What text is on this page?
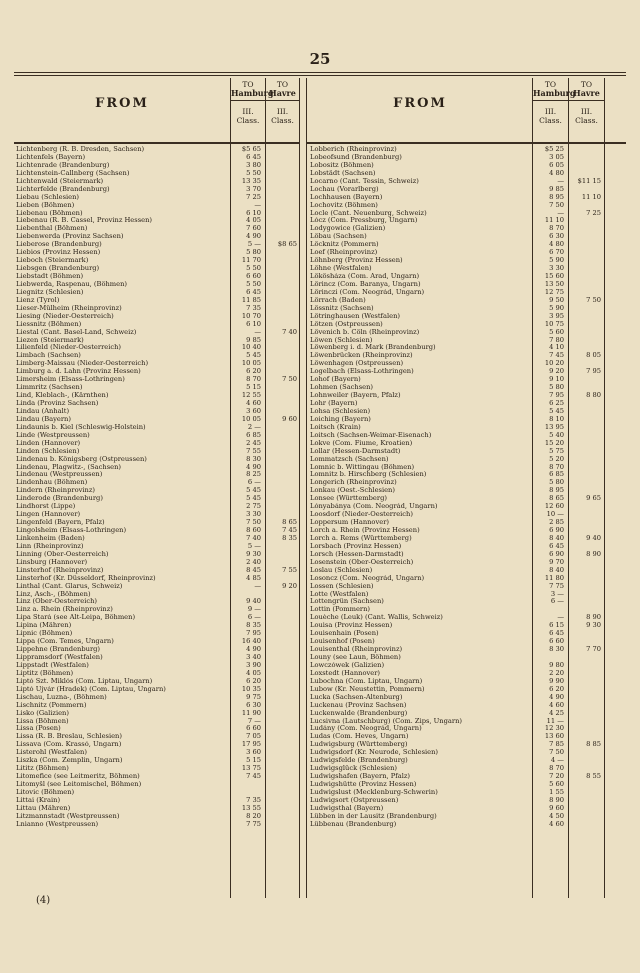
25
FROM
TO
Hamburg
III. Class.
TO
Havre
III. Class.
Lichtenberg (R. B. Dresden, Sachsen)	$5 65
Lichtenfels (Bayern)	6 45
Lichtenrade (Brandenburg)	3 80
Lichtenstein-Callnberg (Sachsen)	5 50
Lichtenwald (Steiermark)	13 35
Lichterfelde (Brandenburg)	3 70
Liebau (Schlesien)	7 25
Lieben (Böhmen)	—
Liebenau (Böhmen)	6 10
Liebenau (R. B. Cassel, Provinz Hessen)	4 05
Liebenthal (Böhmen)	7 60
Liebenwerda (Provinz Sachsen)	4 90
Lieberose (Brandenburg)	5 —	$8 65
Liebios (Provinz Hessen)	5 80
Lieboch (Steiermark)	11 70
Liebsgen (Brandenburg)	5 50
Liebstadt (Böhmen)	6 60
Liebwerda, Raspenau, (Böhmen)	5 50
Liegnitz (Schlesien)	6 45
Lienz (Tyrol)	11 85
Lieser-Mülheim (Rheinprovinz)	7 35
Liesing (Nieder-Oesterreich)	10 70
Liessnitz (Böhmen)	6 10
Liestal (Cant. Basel-Land, Schweiz)	—	7 40
Liezen (Steiermark)	9 85
Lilienfeld (Nieder-Oesterreich)	10 40
Limbach (Sachsen)	5 45
Limberg-Maissau (Nieder-Oesterreich)	10 05
Limburg a. d. Lahn (Provinz Hessen)	6 20
Limersheim (Elsass-Lothringen)	8 70	7 50
Limmritz (Sachsen)	5 15
Lind, Kleblach-, (Kärnthen)	12 55
Linda (Provinz Sachsen)	4 60
Lindau (Anhalt)	3 60
Lindau (Bayern)	10 05	9 60
Lindaunis b. Kiel (Schleswig-Holstein)	2 —
Linde (Westpreussen)	6 85
Linden (Hannover)	2 45
Linden (Schlesien)	7 55
Lindenau b. Königsberg (Ostpreussen)	8 30
Lindenau, Plagwitz-, (Sachsen)	4 90
Lindenau (Westpreussen)	8 25
Lindenhau (Böhmen)	6 —
Lindern (Rheinprovinz)	5 45
Linderode (Brandenburg)	5 45
Lindhorst (Lippe)	2 75
Lingen (Hannover)	3 30
Lingenfeld (Bayern, Pfalz)	7 50	8 65
Lingolsheim (Elsass-Lothringen)	8 60	7 45
Linkenheim (Baden)	7 40	8 35
Linn (Rheinprovinz)	5 —
Linning (Ober-Oesterreich)	9 30
Linsburg (Hannover)	2 40
Linsterhof (Rheinprovinz)	8 45	7 55
Linsterhof (Kr. Düsseldorf, Rheinprovinz)	4 85
Linthal (Cant. Glarus, Schweiz)	—	9 20
Linz, Asch-, (Böhmen)
Linz (Ober-Oesterreich)	9 40
Linz a. Rhein (Rheinprovinz)	9 —
Lipa Stará (see Alt-Leipa, Böhmen)	6 —
Lipina (Mähren)	8 35
Lipnic (Böhmen)	7 95
Lippa (Com. Temes, Ungarn)	16 40
Lippehne (Brandenburg)	4 90
Lippramsdorf (Westfalen)	3 40
Lippstadt (Westfalen)	3 90
Liptitz (Böhmen)	4 05
Liptó Szt. Miklós (Com. Liptau, Ungarn)	6 20
Liptó Ujvár (Hradek) (Com. Liptau, Ungarn)	10 35
Lischau, Luzna-, (Böhmen)	9 75
Lischnitz (Pommern)	6 30
Lisko (Galizien)	11 90
Lissa (Böhmen)	7 —
Lissa (Posen)	6 60
Lissa (R. B. Breslau, Schlesien)	7 05
Lissava (Com. Krassó, Ungarn)	17 95
Listerohl (Westfalen)	3 60
Liszka (Com. Zemplin, Ungarn)	5 15
Lititz (Böhmen)	13 75
Litomefice (see Leitmeritz, Böhmen)	7 45
Litomyšl (see Leitomischel, Böhmen)
Litovic (Böhmen)
Littai (Krain)	7 35
Littau (Mähren)	13 55
Litzmannstadt (Westpreussen)	8 20
Lnianno (Westpreussen)	7 75
FROM
TO
Hamburg
III. Class.
TO
Havre
III. Class.
Lobberich (Rheinprovinz)	$5 25
Lobeofsund (Brandenburg)	3 05
Lobositz (Böhmen)	6 05
Lobstädt (Sachsen)	4 80
Locarno (Cant. Tessin, Schweiz)	—	$11 15
Lochau (Vorarlberg)	9 85
Lochhausen (Bayern)	8 95	11 10
Lochovitz (Böhmen)	7 50
Locle (Cant. Neuenburg, Schweiz)	—	7 25
Lócz (Com. Pressburg, Ungarn)	11 10
Lodygowice (Galizien)	8 70
Löbau (Sachsen)	6 30
Löcknitz (Pommern)	4 80
Loef (Rheinprovinz)	6 70
Löhnberg (Provinz Hessen)	5 90
Löhne (Westfalen)	3 30
Lökösháza (Com. Arad, Ungarn)	15 60
Lörincz (Com. Baranya, Ungarn)	13 50
Lörinczi (Com. Neográd, Ungarn)	12 75
Lörrach (Baden)	9 50	7 50
Lössnitz (Sachsen)	5 90
Lötringhausen (Westfalen)	3 95
Lötzen (Ostpreussen)	10 75
Lövenich b. Cöln (Rheinprovinz)	5 60
Löwen (Schlesien)	7 80
Löwenberg i. d. Mark (Brandenburg)	4 10
Löwenbrücken (Rheinprovinz)	7 45	8 05
Löwenhagen (Ostpreussen)	10 20
Logelbach (Elsass-Lothringen)	9 20	7 95
Lohof (Bayern)	9 10
Lohmen (Sachsen)	5 80
Lohnweiler (Bayern, Pfalz)	7 95	8 80
Lohr (Bayern)	6 25
Lohsa (Schlesien)	5 45
Loiching (Bayern)	8 10
Loitsch (Krain)	13 95
Loitsch (Sachsen-Weimar-Eisenach)	5 40
Lokve (Com. Fiume, Kroatien)	15 20
Lollar (Hessen-Darmstadt)	5 75
Lommatzsch (Sachsen)	5 20
Lomnic b. Wittingau (Böhmen)	8 70
Lomnitz b. Hirschberg (Schlesien)	6 85
Longerich (Rheinprovinz)	5 80
Lonkau (Oest.-Schlesien)	8 95
Lonsee (Württemberg)	8 65	9 65
Lónyabánya (Com. Neográd, Ungarn)	12 60
Loosdorf (Nieder-Oesterreich)	10 —
Loppersum (Hannover)	2 85
Lorch a. Rhein (Provinz Hessen)	6 90
Lorch a. Rems (Württemberg)	8 40	9 40
Lorsbach (Provinz Hessen)	6 45
Lorsch (Hessen-Darmstadt)	6 90	8 90
Losenstein (Ober-Oesterreich)	9 70
Loslau (Schlesien)	8 40
Losoncz (Com. Neográd, Ungarn)	11 80
Lossen (Schlesien)	7 75
Lotte (Westfalen)	3 —
Lottengrün (Sachsen)	6 —
Lottin (Pommern)
Louèche (Leuk) (Cant. Wallis, Schweiz)	—	8 90
Louisa (Provinz Hessen)	6 15	9 30
Louisenhain (Posen)	6 45
Louisenhof (Posen)	6 60
Louisenthal (Rheinprovinz)	8 30	7 70
Louny (see Laun, Böhmen)
Lowczówek (Galizien)	9 80
Loxstedt (Hannover)	2 20
Lubochna (Com. Liptau, Ungarn)	9 90
Lubow (Kr. Neustettin, Pommern)	6 20
Lucka (Sachsen-Altenburg)	4 90
Luckenau (Provinz Sachsen)	4 60
Luckenwalde (Brandenburg)	4 25
Lucsivna (Lautschburg) (Com. Zips, Ungarn)	11 —
Ludány (Com. Neográd, Ungarn)	12 30
Ludas (Com. Heves, Ungarn)	13 60
Ludwigsburg (Württemberg)	7 85	8 85
Ludwigsdorf (Kr. Neurode, Schlesien)	7 50
Ludwigsfelde (Brandenburg)	4 —
Ludwigsglück (Schlesien)	8 70
Ludwigshafen (Bayern, Pfalz)	7 20	8 55
Ludwigshütte (Provinz Hessen)	5 60
Ludwigslust (Mecklenburg-Schwerin)	1 55
Ludwigsort (Ostpreussen)	8 90
Ludwigsthal (Bayern)	9 60
Lübben in der Lausitz (Brandenburg)	4 50
Lübbenau (Brandenburg)	4 60
(4)
